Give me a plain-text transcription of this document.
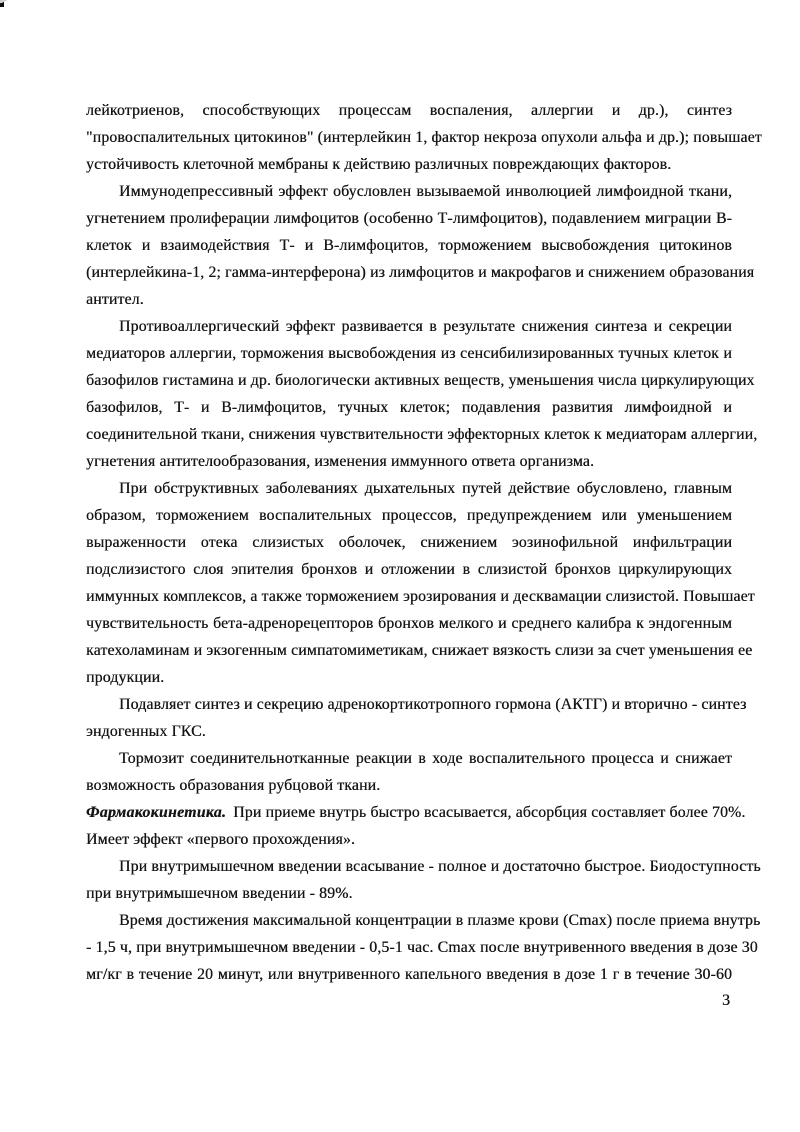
лейкотриенов, способствующих процессам воспаления, аллергии и др.), синтез
"провоспалительных цитокинов" (интерлейкин 1, фактор некроза опухоли альфа и др.); повышает
устойчивость клеточной мембраны к действию различных повреждающих факторов.
Иммунодепрессивный эффект обусловлен вызываемой инволюцией лимфоидной ткани,
угнетением пролиферации лимфоцитов (особенно Т-лимфоцитов), подавлением миграции В-
клеток и взаимодействия Т- и В-лимфоцитов, торможением высвобождения цитокинов
(интерлейкина-1, 2; гамма-интерферона) из лимфоцитов и макрофагов и снижением образования
антител.
Противоаллергический эффект развивается в результате снижения синтеза и секреции
медиаторов аллергии, торможения высвобождения из сенсибилизированных тучных клеток и
базофилов гистамина и др. биологически активных веществ, уменьшения числа циркулирующих
базофилов, Т- и В-лимфоцитов, тучных клеток; подавления развития лимфоидной и
соединительной ткани, снижения чувствительности эффекторных клеток к медиаторам аллергии,
угнетения антителообразования, изменения иммунного ответа организма.
При обструктивных заболеваниях дыхательных путей действие обусловлено, главным
образом, торможением воспалительных процессов, предупреждением или уменьшением
выраженности отека слизистых оболочек, снижением эозинофильной инфильтрации
подслизистого слоя эпителия бронхов и отложении в слизистой бронхов циркулирующих
иммунных комплексов, а также торможением эрозирования и десквамации слизистой. Повышает
чувствительность бета-адренорецепторов бронхов мелкого и среднего калибра к эндогенным
катехоламинам и экзогенным симпатомиметикам, снижает вязкость слизи за счет уменьшения ее
продукции.
Подавляет синтез и секрецию адренокортикотропного гормона (АКТГ) и вторично - синтез
эндогенных ГКС.
Тормозит соединительнотканные реакции в ходе воспалительного процесса и снижает
возможность образования рубцовой ткани.
Фармакокинетика. При приеме внутрь быстро всасывается, абсорбция составляет более 70%.
Имеет эффект «первого прохождения».
При внутримышечном введении всасывание - полное и достаточно быстрое. Биодоступность
при внутримышечном введении - 89%.
Время достижения максимальной концентрации в плазме крови (Cmax) после приема внутрь
- 1,5 ч, при внутримышечном введении - 0,5-1 час. Cmax после внутривенного введения в дозе 30
мг/кг в течение 20 минут, или внутривенного капельного введения в дозе 1 г в течение 30-60
3
